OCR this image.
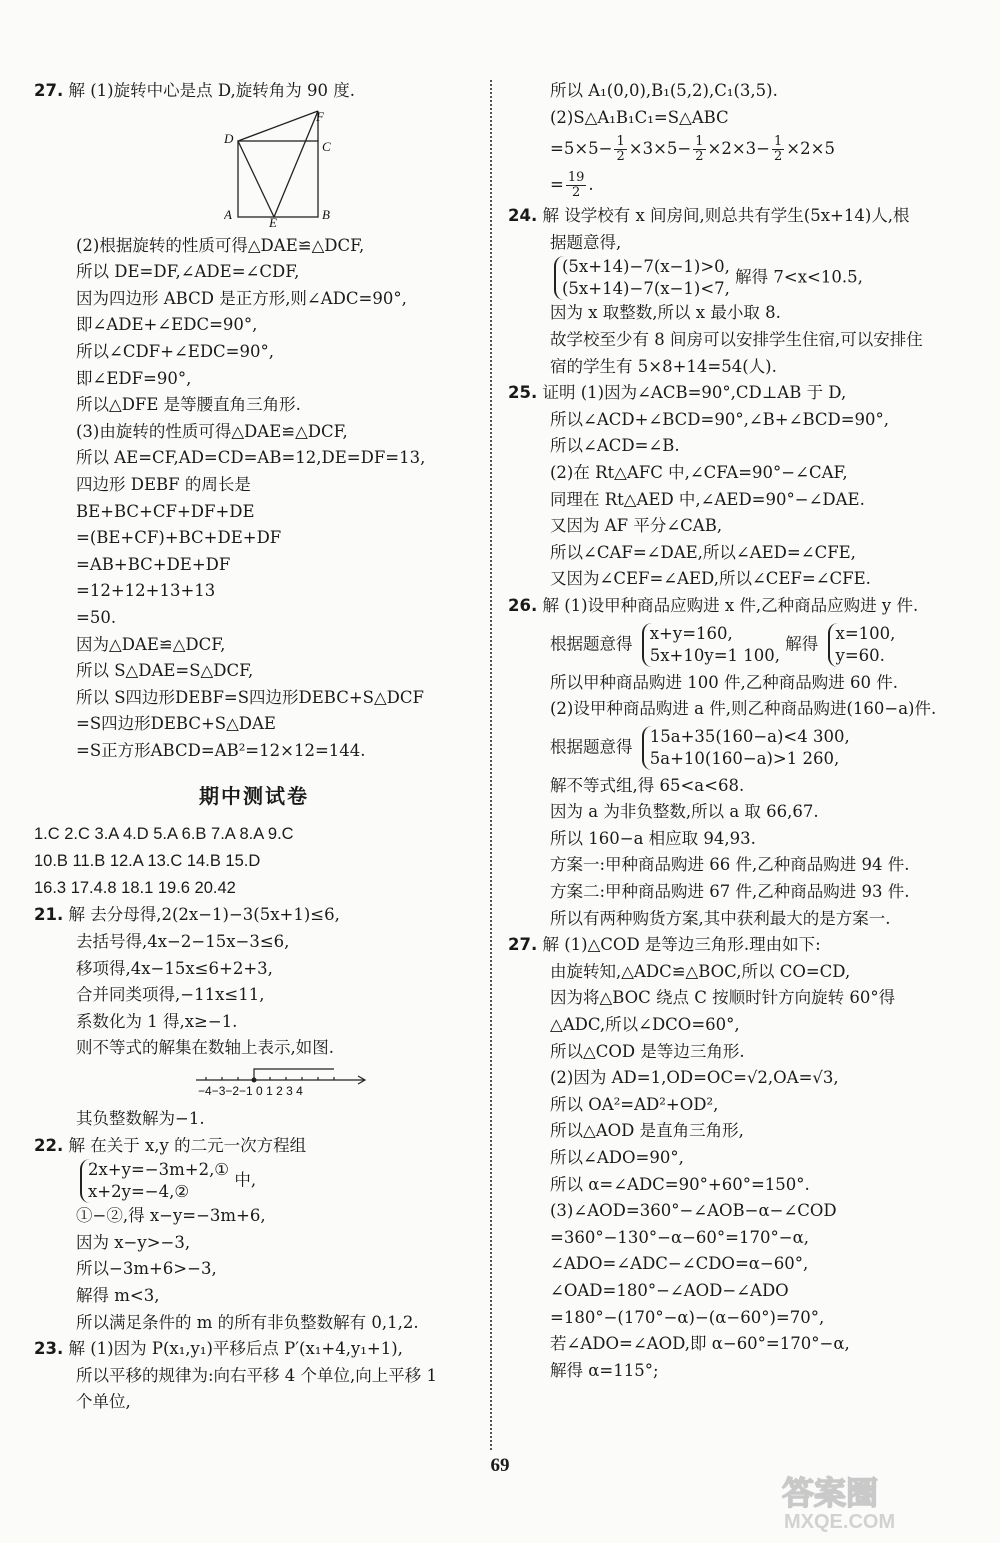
27. 解 (1)旋转中心是点 D,旋转角为 90 度.
D
F
C
A	B
E
(2)根据旋转的性质可得△DAE≌△DCF,
所以 DE=DF,∠ADE=∠CDF,
因为四边形 ABCD 是正方形,则∠ADC=90°,
即∠ADE+∠EDC=90°,
所以∠CDF+∠EDC=90°,
即∠EDF=90°,
所以△DFE 是等腰直角三角形.
(3)由旋转的性质可得△DAE≌△DCF,
所以 AE=CF,AD=CD=AB=12,DE=DF=13,
四边形 DEBF 的周长是
BE+BC+CF+DF+DE
=(BE+CF)+BC+DE+DF
=AB+BC+DE+DF
=12+12+13+13
=50.
因为△DAE≌△DCF,
所以 S△DAE=S△DCF,
所以 S四边形DEBF=S四边形DEBC+S△DCF
=S四边形DEBC+S△DAE
=S正方形ABCD=AB²=12×12=144.
期中测试卷
1.C 2.C 3.A 4.D 5.A 6.B 7.A 8.A 9.C
10.B 11.B 12.A 13.C 14.B 15.D
16.3 17.4.8 18.1 19.6 20.42
21. 解 去分母得,2(2x−1)−3(5x+1)≤6,
去括号得,4x−2−15x−3≤6,
移项得,4x−15x≤6+2+3,
合并同类项得,−11x≤11,
系数化为 1 得,x≥−1.
则不等式的解集在数轴上表示,如图.
−4−3−2−1 0 1 2 3 4
其负整数解为−1.
22. 解 在关于 x,y 的二元一次方程组
2x+y=−3m+2,①
x+2y=−4,②
中,
①−②,得 x−y=−3m+6,
因为 x−y>−3,
所以−3m+6>−3,
解得 m<3,
所以满足条件的 m 的所有非负整数解有 0,1,2.
23. 解 (1)因为 P(x₁,y₁)平移后点 P′(x₁+4,y₁+1),
所以平移的规律为:向右平移 4 个单位,向上平移 1
个单位,
所以 A₁(0,0),B₁(5,2),C₁(3,5).
(2)S△A₁B₁C₁=S△ABC
$=5\times 5- \frac{1}{2} \times 3\times 5- \frac{1}{2} \times 2\times 3- \frac{1}{2} \times 2\times 5$
= $\frac{19}{2}$ .
24. 解 设学校有 x 间房间,则总共有学生(5x+14)人,根
据题意得,
(5x+14)−7(x−1)>0,
(5x+14)−7(x−1)<7,
解得 7<x<10.5,
因为 x 取整数,所以 x 最小取 8.
故学校至少有 8 间房可以安排学生住宿,可以安排住
宿的学生有 5×8+14=54(人).
25. 证明 (1)因为∠ACB=90°,CD⊥AB 于 D,
所以∠ACD+∠BCD=90°,∠B+∠BCD=90°,
所以∠ACD=∠B.
(2)在 Rt△AFC 中,∠CFA=90°−∠CAF,
同理在 Rt△AED 中,∠AED=90°−∠DAE.
又因为 AF 平分∠CAB,
所以∠CAF=∠DAE,所以∠AED=∠CFE,
又因为∠CEF=∠AED,所以∠CEF=∠CFE.
26. 解 (1)设甲种商品应购进 x 件,乙种商品应购进 y 件.
根据题意得
x+y=160,
5x+10y=1 100,
解得
x=100,
y=60.
所以甲种商品购进 100 件,乙种商品购进 60 件.
(2)设甲种商品购进 a 件,则乙种商品购进(160−a)件.
根据题意得
15a+35(160−a)<4 300,
5a+10(160−a)>1 260,
解不等式组,得 65<a<68.
因为 a 为非负整数,所以 a 取 66,67.
所以 160−a 相应取 94,93.
方案一:甲种商品购进 66 件,乙种商品购进 94 件.
方案二:甲种商品购进 67 件,乙种商品购进 93 件.
所以有两种购货方案,其中获利最大的是方案一.
27. 解 (1)△COD 是等边三角形.理由如下:
由旋转知,△ADC≌△BOC,所以 CO=CD,
因为将△BOC 绕点 C 按顺时针方向旋转 60°得
△ADC,所以∠DCO=60°,
所以△COD 是等边三角形.
(2)因为 AD=1,OD=OC=√2,OA=√3,
所以 OA²=AD²+OD²,
所以△AOD 是直角三角形,
所以∠ADO=90°,
所以 α=∠ADC=90°+60°=150°.
(3)∠AOD=360°−∠AOB−α−∠COD
=360°−130°−α−60°=170°−α,
∠ADO=∠ADC−∠CDO=α−60°,
∠OAD=180°−∠AOD−∠ADO
=180°−(170°−α)−(α−60°)=70°,
若∠ADO=∠AOD,即 α−60°=170°−α,
解得 α=115°;
69
答案圈
MXQE.COM
